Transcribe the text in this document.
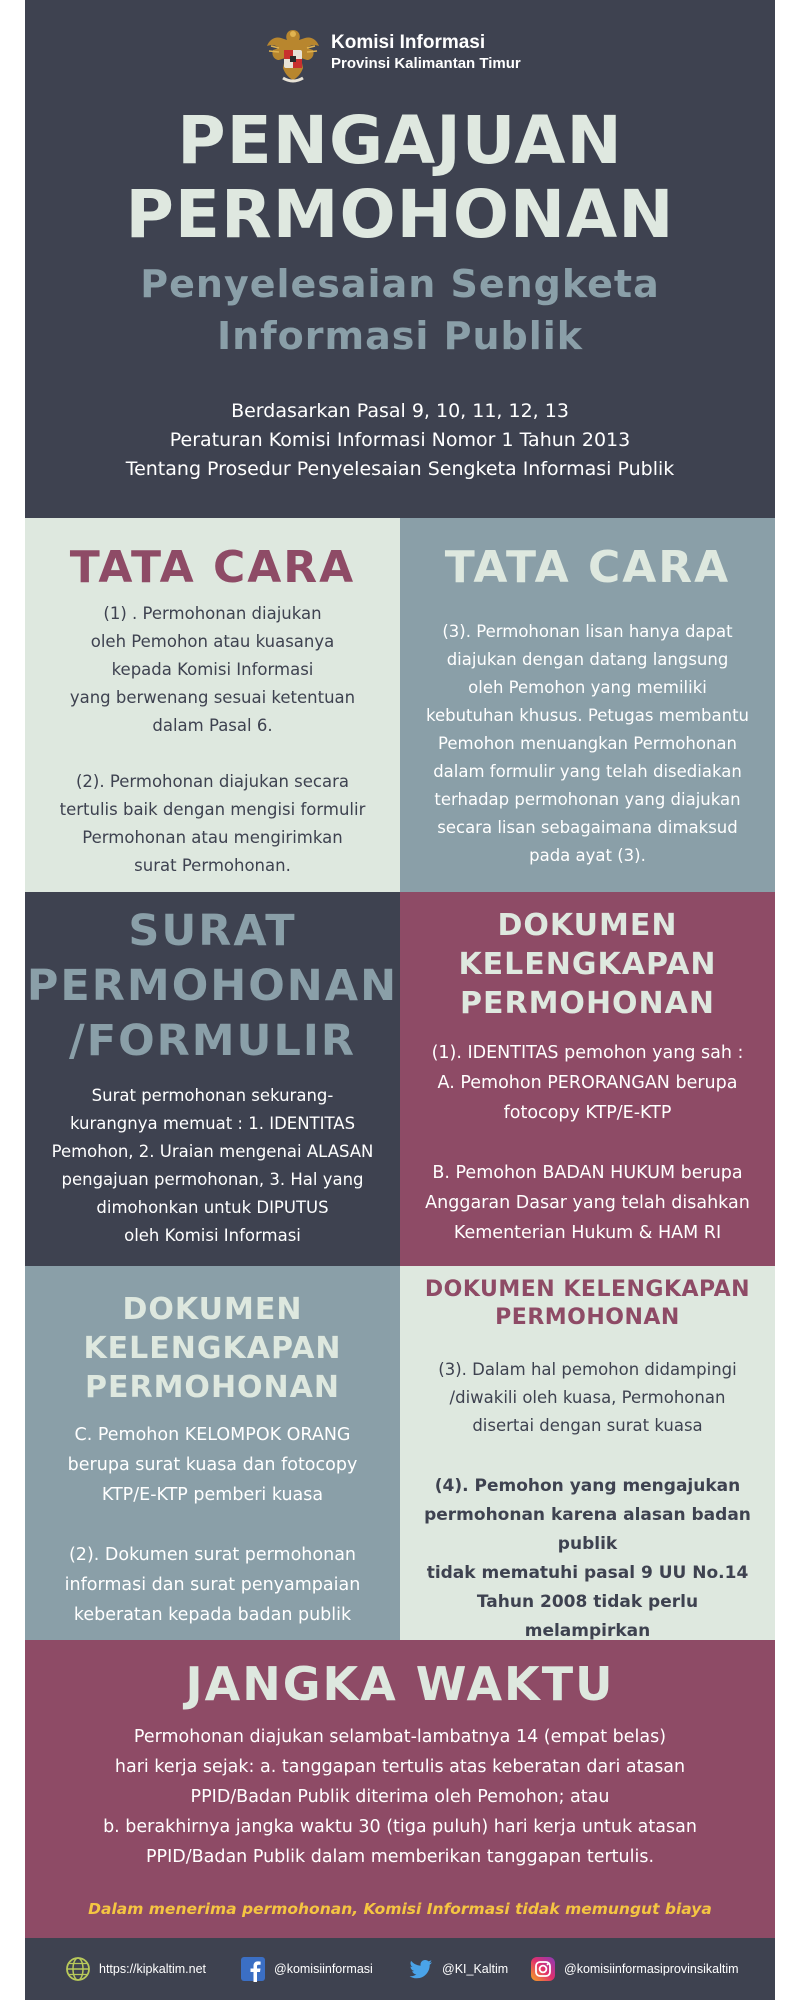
Komisi Informasi
Provinsi Kalimantan Timur
PENGAJUAN
PERMOHONAN
Penyelesaian Sengketa
Informasi Publik
Berdasarkan Pasal 9, 10, 11, 12, 13
Peraturan Komisi Informasi Nomor 1 Tahun 2013
Tentang Prosedur Penyelesaian Sengketa Informasi Publik
TATA CARA

(1) . Permohonan diajukan

oleh Pemohon atau kuasanya

kepada Komisi Informasi

yang berwenang sesuai ketentuan

dalam Pasal 6.

(2). Permohonan diajukan secara

tertulis baik dengan mengisi formulir

Permohonan atau mengirimkan

surat Permohonan.

TATA CARA

(3). Permohonan lisan hanya dapat

diajukan dengan datang langsung

oleh Pemohon yang memiliki

kebutuhan khusus. Petugas membantu

Pemohon menuangkan Permohonan

dalam formulir yang telah disediakan

terhadap permohonan yang diajukan

secara lisan sebagaimana dimaksud

pada ayat (3).

SURAT
PERMOHONAN
/FORMULIR

Surat permohonan sekurang-

kurangnya memuat : 1. IDENTITAS

Pemohon, 2. Uraian mengenai ALASAN

pengajuan permohonan, 3. Hal yang

dimohonkan untuk DIPUTUS

oleh Komisi Informasi

DOKUMEN
KELENGKAPAN
PERMOHONAN

(1). IDENTITAS pemohon yang sah :

A. Pemohon PERORANGAN berupa

fotocopy KTP/E-KTP

B. Pemohon BADAN HUKUM berupa

Anggaran Dasar yang telah disahkan

Kementerian Hukum & HAM RI

DOKUMEN
KELENGKAPAN
PERMOHONAN

C. Pemohon KELOMPOK ORANG

berupa surat kuasa dan fotocopy

KTP/E-KTP pemberi kuasa

(2). Dokumen surat permohonan

informasi dan surat penyampaian

keberatan kepada badan publik

DOKUMEN KELENGKAPAN
PERMOHONAN

(3). Dalam hal pemohon didampingi

/diwakili oleh kuasa, Permohonan

disertai dengan surat kuasa

(4). Pemohon yang mengajukan

permohonan karena alasan badan publik

tidak mematuhi pasal 9 UU No.14

Tahun 2008 tidak perlu melampirkan

JANGKA WAKTU
Permohonan diajukan selambat-lambatnya 14 (empat belas)
hari kerja sejak: a. tanggapan tertulis atas keberatan dari atasan
PPID/Badan Publik diterima oleh Pemohon; atau
b. berakhirnya jangka waktu 30 (tiga puluh) hari kerja untuk atasan
PPID/Badan Publik dalam memberikan tanggapan tertulis.
Dalam menerima permohonan, Komisi Informasi tidak memungut biaya
https://kipkaltim.net	@komisiinformasi	@KI_Kaltim	@komisiinformasiprovinsikaltim
